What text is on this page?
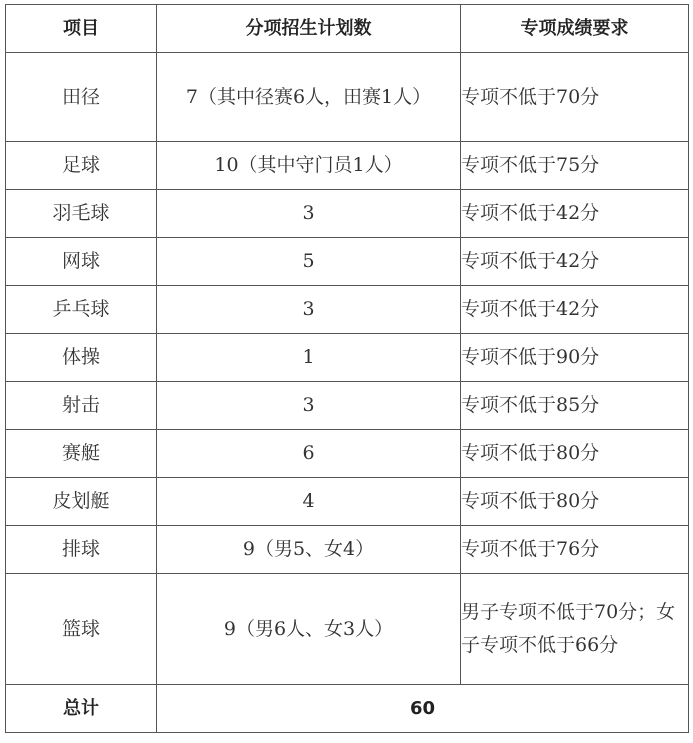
项目	分项招生计划数	专项成绩要求
田径	7（其中径赛6人，田赛1人）	专项不低于70分
足球	10（其中守门员1人）	专项不低于75分
羽毛球	3	专项不低于42分
网球	5	专项不低于42分
乒乓球	3	专项不低于42分
体操	1	专项不低于90分
射击	3	专项不低于85分
赛艇	6	专项不低于80分
皮划艇	4	专项不低于80分
排球	9（男5、女4）	专项不低于76分
篮球	9（男6人、女3人）	男子专项不低于70分；女子专项不低于66分
总计	60	
